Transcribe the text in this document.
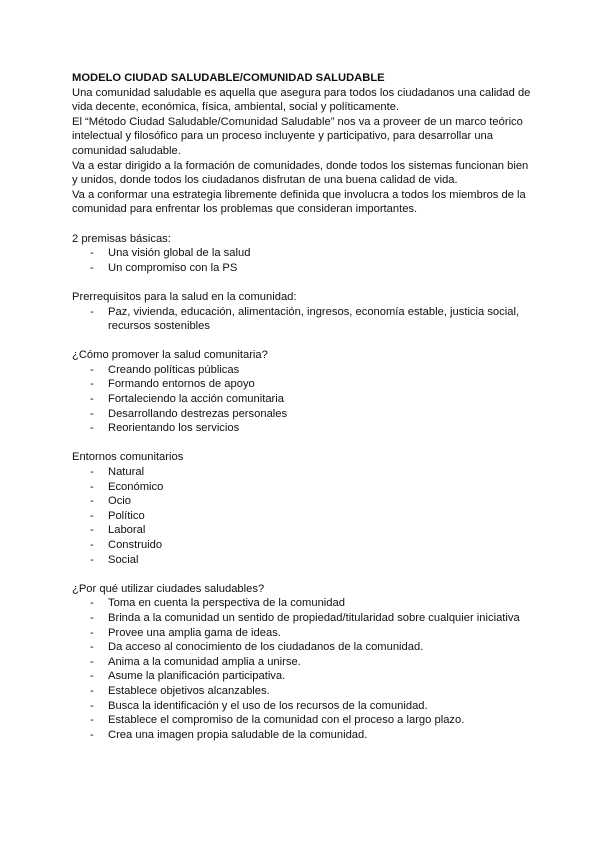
MODELO CIUDAD SALUDABLE/COMUNIDAD SALUDABLE

Una comunidad saludable es aquella que asegura para todos los ciudadanos una calidad de vida decente, económica, física, ambiental, social y políticamente.

El “Método Ciudad Saludable/Comunidad Saludable” nos va a proveer de un marco teórico intelectual y filosófico para un proceso incluyente y participativo, para desarrollar una comunidad saludable.

Va a estar dirigido a la formación de comunidades, donde todos los sistemas funcionan bien y unidos, donde todos los ciudadanos disfrutan de una buena calidad de vida.

Va a conformar una estrategia libremente definida que involucra a todos los miembros de la comunidad para enfrentar los problemas que consideran importantes.

2 premisas básicas:

- Una visión global de la salud
- Un compromiso con la PS

Prerrequisitos para la salud en la comunidad:

- Paz, vivienda, educación, alimentación, ingresos, economía estable, justicia social, recursos sostenibles

¿Cómo promover la salud comunitaria?

- Creando políticas públicas
- Formando entornos de apoyo
- Fortaleciendo la acción comunitaria
- Desarrollando destrezas personales
- Reorientando los servicios

Entornos comunitarios

- Natural
- Económico
- Ocio
- Político
- Laboral
- Construido
- Social

¿Por qué utilizar ciudades saludables?

- Toma en cuenta la perspectiva de la comunidad
- Brinda a la comunidad un sentido de propiedad/titularidad sobre cualquier iniciativa
- Provee una amplia gama de ideas.
- Da acceso al conocimiento de los ciudadanos de la comunidad.
- Anima a la comunidad amplia a unirse.
- Asume la planificación participativa.
- Establece objetivos alcanzables.
- Busca la identificación y el uso de los recursos de la comunidad.
- Establece el compromiso de la comunidad con el proceso a largo plazo.
- Crea una imagen propia saludable de la comunidad.
